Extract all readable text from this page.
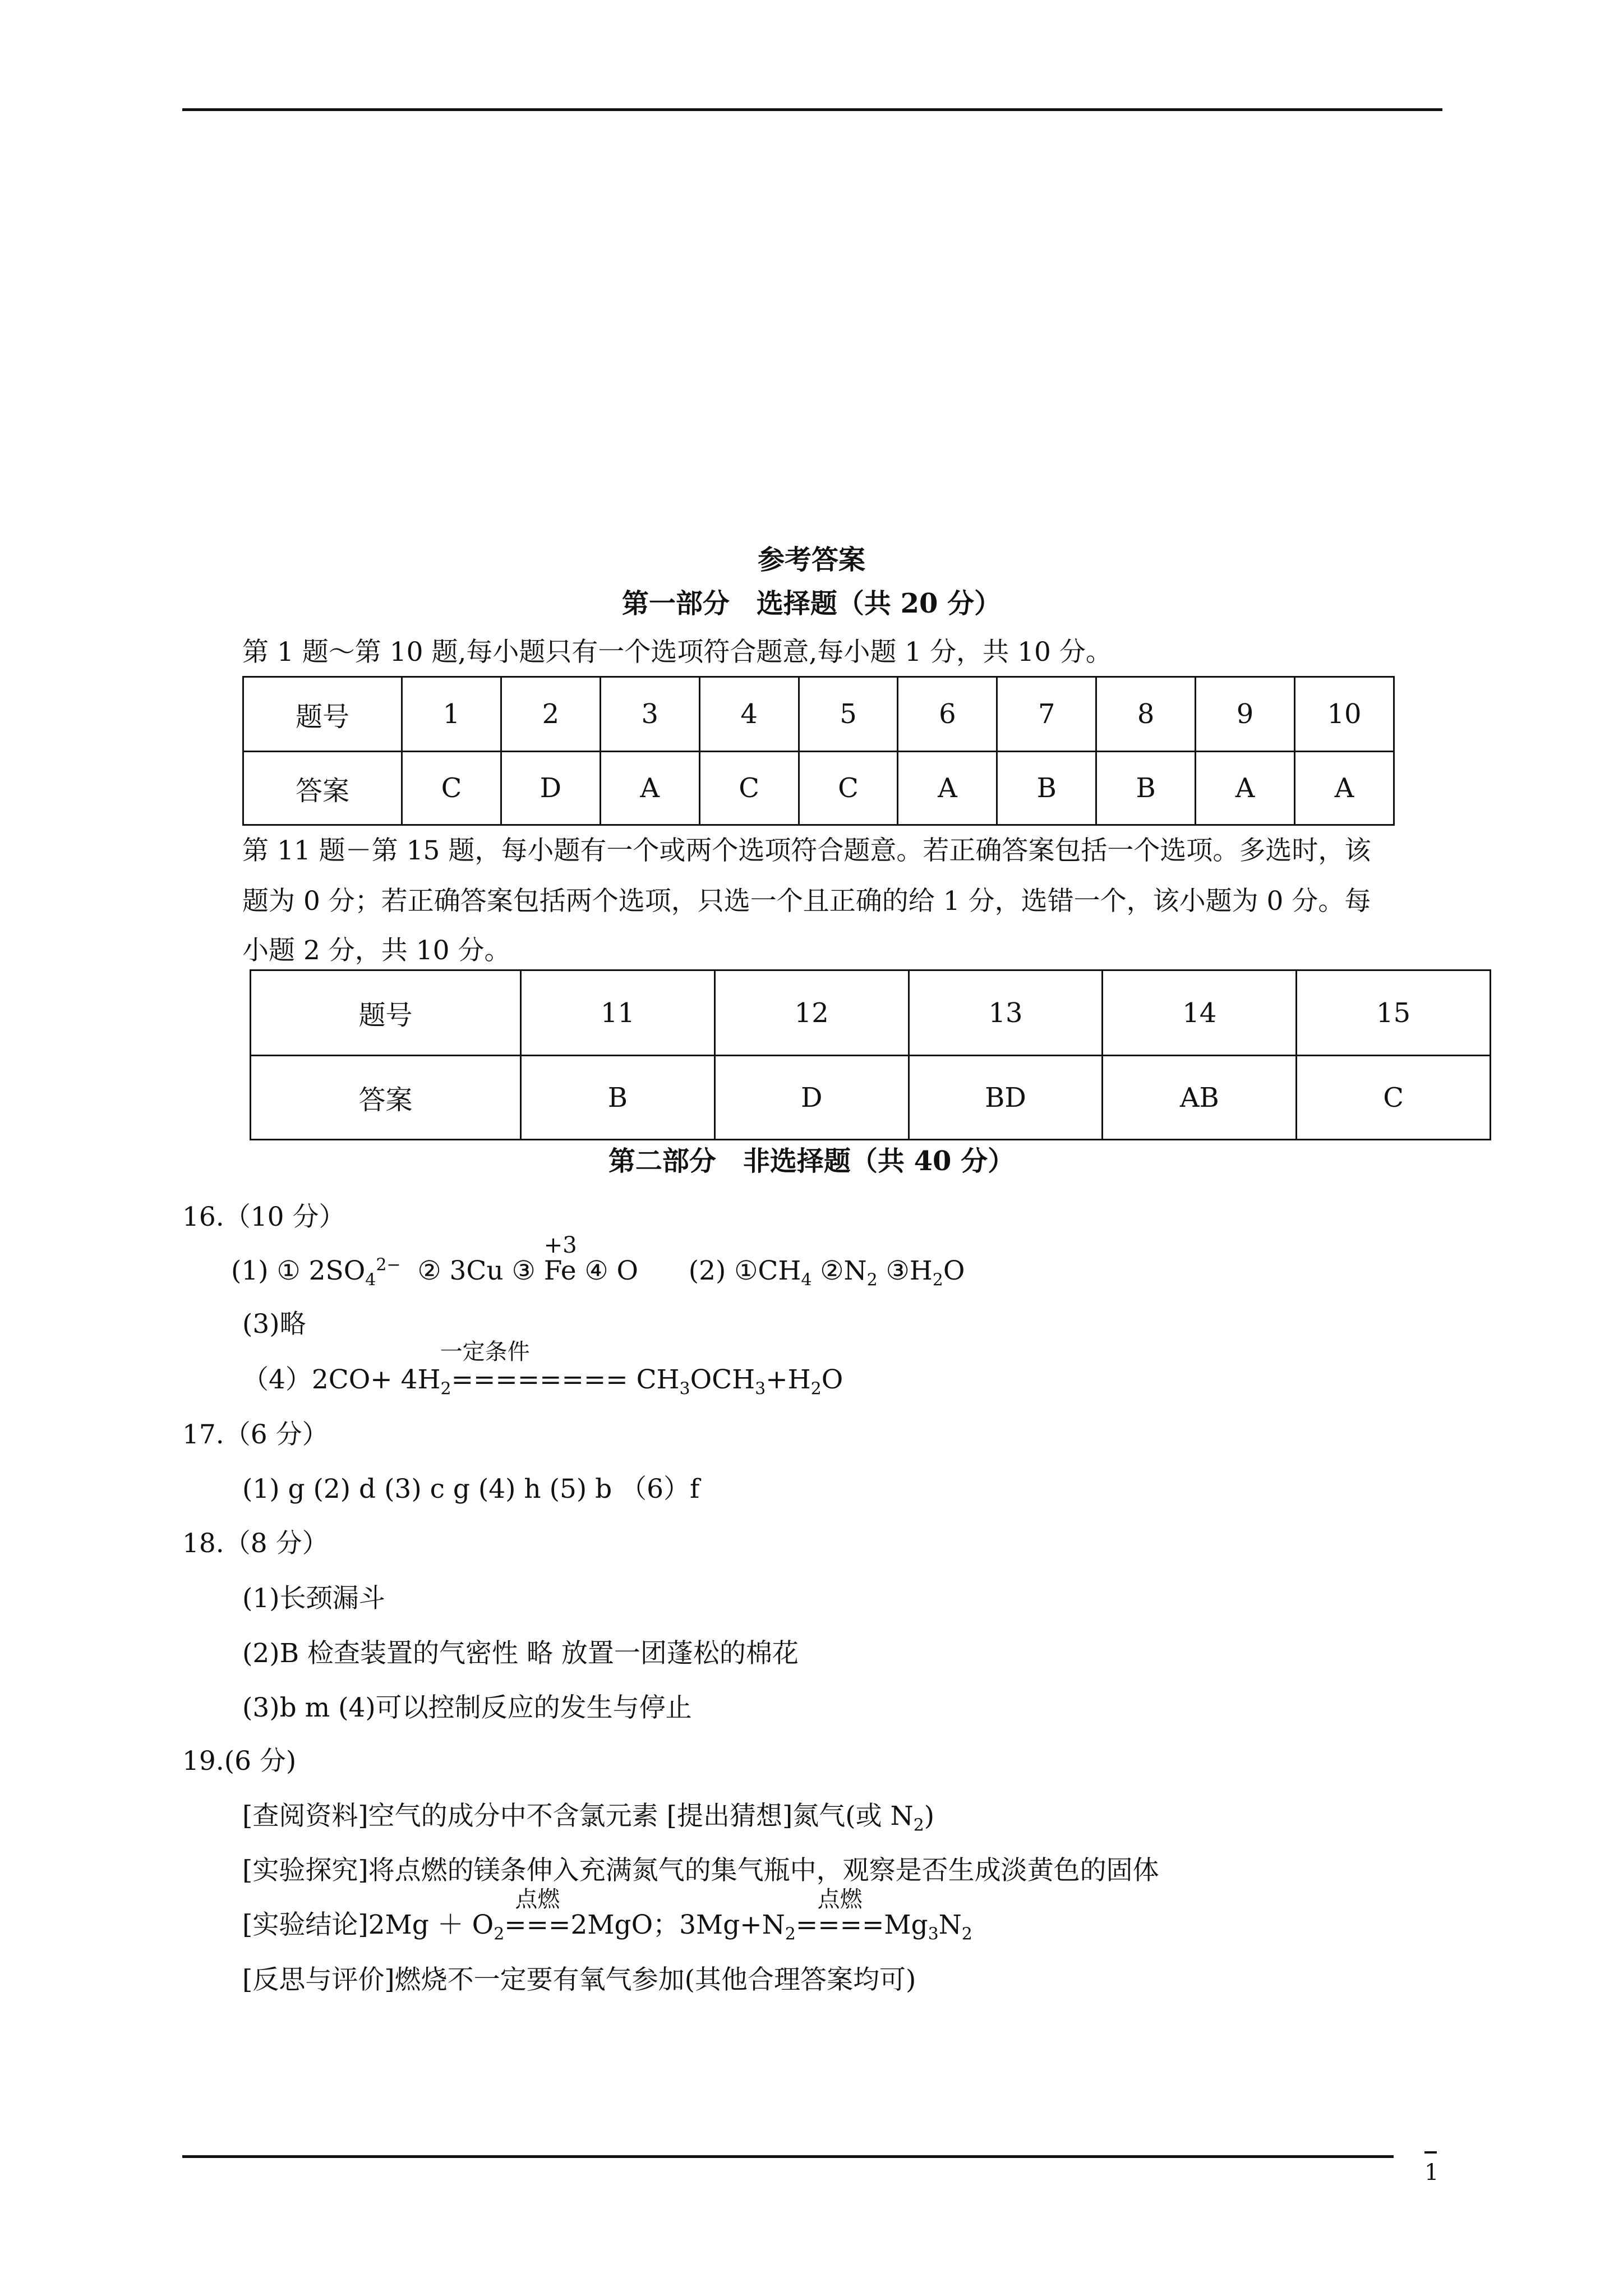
参考答案
第一部分　选择题（共 20 分）
第 1 题～第 10 题,每小题只有一个选项符合题意,每小题 1 分，共 10 分。
题号	1	2	3	4	5	6	7	8	9	10
答案	C	D	A	C	C	A	B	B	A	A
第 11 题－第 15 题，每小题有一个或两个选项符合题意。若正确答案包括一个选项。多选时，该
题为 0 分；若正确答案包括两个选项，只选一个且正确的给 1 分，选错一个，该小题为 0 分。每
小题 2 分，共 10 分。
题号	11	12	13	14	15
答案	B	D	BD	AB	C
第二部分　非选择题（共 40 分）
16.（10 分）
(1) ① $2SO_4^{2-}$ ② 3Cu ③
+3
Fe ④ O (2) $①CH_4$ $②N_2$ $③H_2O$
(3)略
$(4)2CO+ 4H_2$
一定条件
======== $CH_3OCH_3+H_2O$
17.（6 分）
(1) g (2) d (3) c g (4) h (5) b （6）f
18.（8 分）
(1)长颈漏斗
(2)B 检查装置的气密性 略 放置一团蓬松的棉花
(3)b m (4)可以控制反应的发生与停止
19.(6 分)
[查阅资料]空气的成分中不含氯元素 [提出猜想]氮气(或 $N_2$)
[实验探究]将点燃的镁条伸入充满氮气的集气瓶中，观察是否生成淡黄色的固体
[实验结论]$2Mg + O_2$
点燃
===2MgO；$3Mg+N_2$
点燃
$====Mg_3N_2$
[反思与评价]燃烧不一定要有氧气参加(其他合理答案均可)
1
